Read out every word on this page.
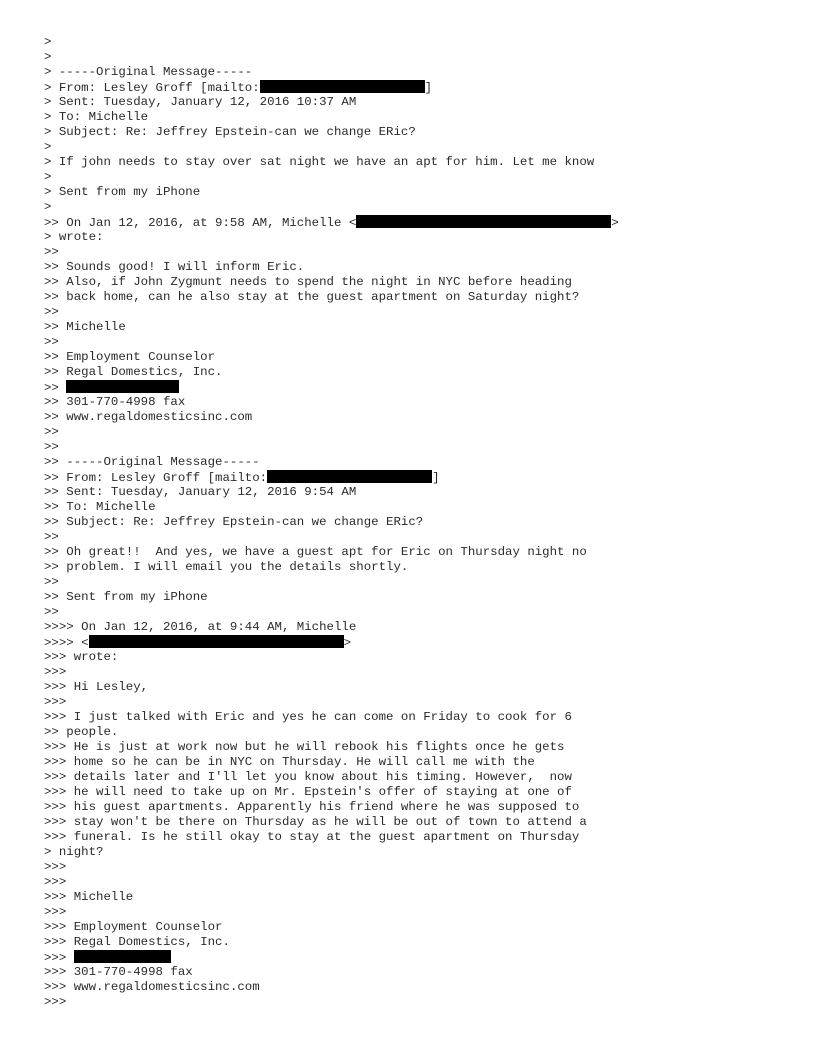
>
>
> -----Original Message-----
> From: Lesley Groff [mailto:	]
> Sent: Tuesday, January 12, 2016 10:37 AM
> To: Michelle
> Subject: Re: Jeffrey Epstein-can we change ERic?
>
> If john needs to stay over sat night we have an apt for him. Let me know
>
> Sent from my iPhone
>
>> On Jan 12, 2016, at 9:58 AM, Michelle <	>
> wrote:
>>
>> Sounds good! I will inform Eric.
>> Also, if John Zygmunt needs to spend the night in NYC before heading
>> back home, can he also stay at the guest apartment on Saturday night?
>>
>> Michelle
>>
>> Employment Counselor
>> Regal Domestics, Inc.
>>
>> 301-770-4998 fax
>> www.regaldomesticsinc.com
>>
>>
>> -----Original Message-----
>> From: Lesley Groff [mailto:	]
>> Sent: Tuesday, January 12, 2016 9:54 AM
>> To: Michelle
>> Subject: Re: Jeffrey Epstein-can we change ERic?
>>
>> Oh great!!  And yes, we have a guest apt for Eric on Thursday night no
>> problem. I will email you the details shortly.
>>
>> Sent from my iPhone
>>
>>>> On Jan 12, 2016, at 9:44 AM, Michelle
>>>> <	>
>>> wrote:
>>>
>>> Hi Lesley,
>>>
>>> I just talked with Eric and yes he can come on Friday to cook for 6
>> people.
>>> He is just at work now but he will rebook his flights once he gets
>>> home so he can be in NYC on Thursday. He will call me with the
>>> details later and I'll let you know about his timing. However,  now
>>> he will need to take up on Mr. Epstein's offer of staying at one of
>>> his guest apartments. Apparently his friend where he was supposed to
>>> stay won't be there on Thursday as he will be out of town to attend a
>>> funeral. Is he still okay to stay at the guest apartment on Thursday
> night?
>>>
>>>
>>> Michelle
>>>
>>> Employment Counselor
>>> Regal Domestics, Inc.
>>>
>>> 301-770-4998 fax
>>> www.regaldomesticsinc.com
>>>
